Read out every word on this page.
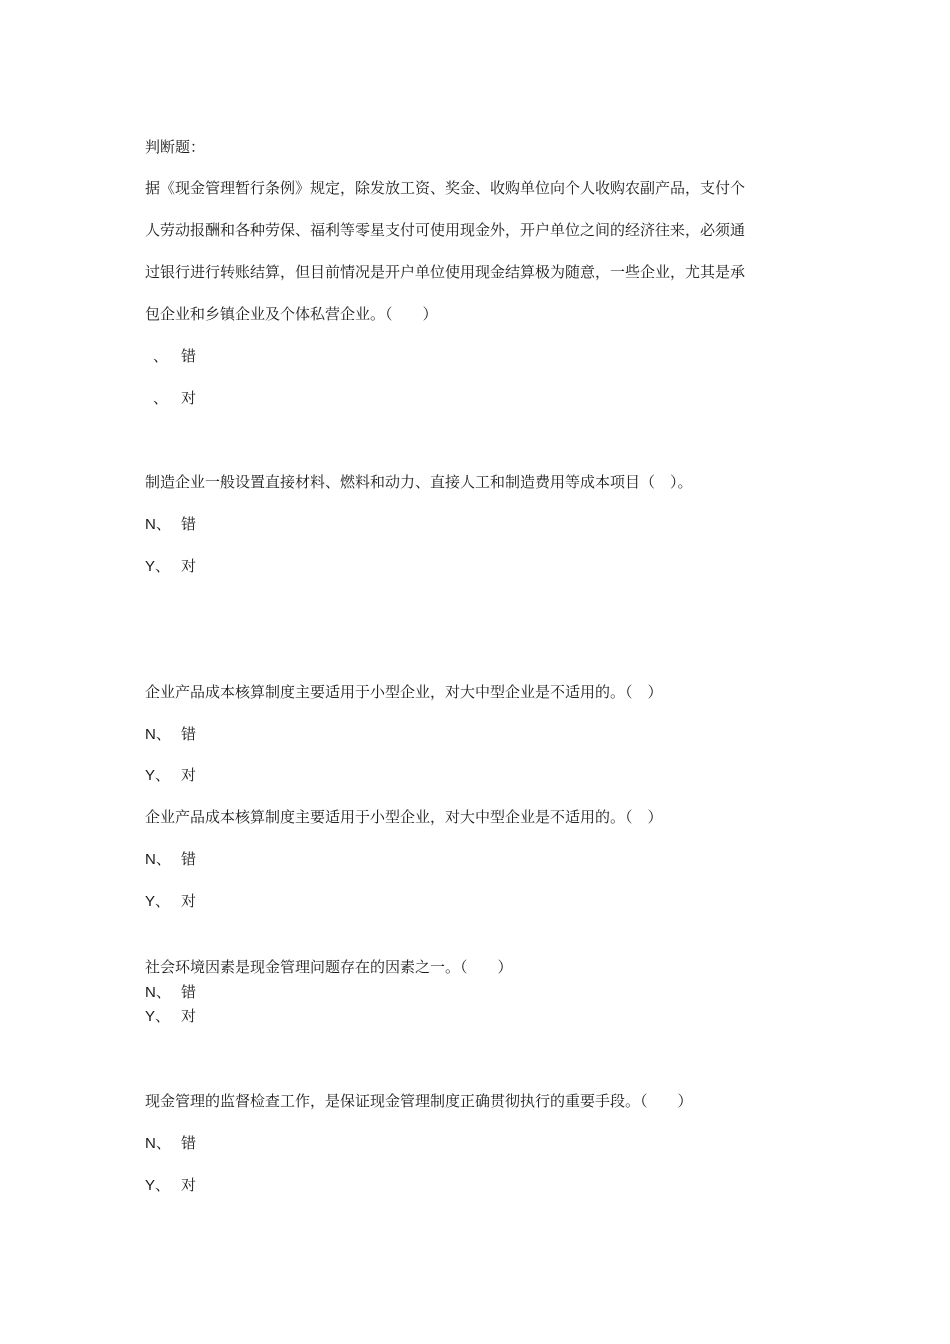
判断题：
据《现金管理暂行条例》规定，除发放工资、奖金、收购单位向个人收购农副产品，支付个
人劳动报酬和各种劳保、福利等零星支付可使用现金外，开户单位之间的经济往来，必须通
过银行进行转账结算，但目前情况是开户单位使用现金结算极为随意，一些企业，尤其是承
包企业和乡镇企业及个体私营企业。（　　）
、 错
、 对
制造企业一般设置直接材料、燃料和动力、直接人工和制造费用等成本项目（　）。
N、 错
Y、 对
企业产品成本核算制度主要适用于小型企业，对大中型企业是不适用的。（　）
N、 错
Y、 对
企业产品成本核算制度主要适用于小型企业，对大中型企业是不适用的。（　）
N、 错
Y、 对
社会环境因素是现金管理问题存在的因素之一。（　　）
N、 错
Y、 对
现金管理的监督检查工作，是保证现金管理制度正确贯彻执行的重要手段。（　　）
N、 错
Y、 对
